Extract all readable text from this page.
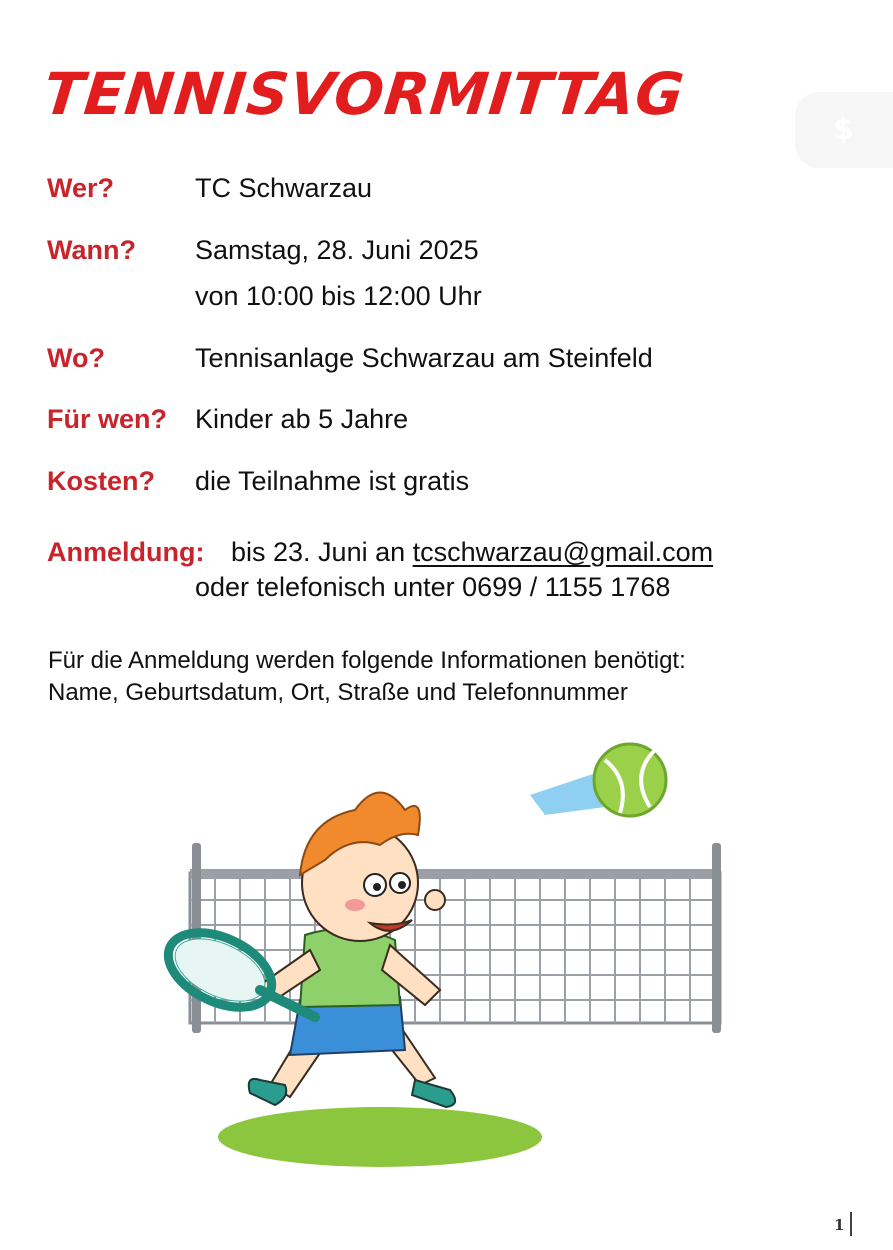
$
TENNISVORMITTAG
Wer?	TC Schwarzau
Wann? Samstag, 28. Juni 2025
von 10:00 bis 12:00 Uhr
Wo?	Tennisanlage Schwarzau am Steinfeld
Für wen? Kinder ab 5 Jahre
Kosten? die Teilnahme ist gratis
Anmeldung: bis 23. Juni an tcschwarzau@gmail.com
oder telefonisch unter 0699 / 1155 1768
Für die Anmeldung werden folgende Informationen benötigt:
Name, Geburtsdatum, Ort, Straße und Telefonnummer
1
